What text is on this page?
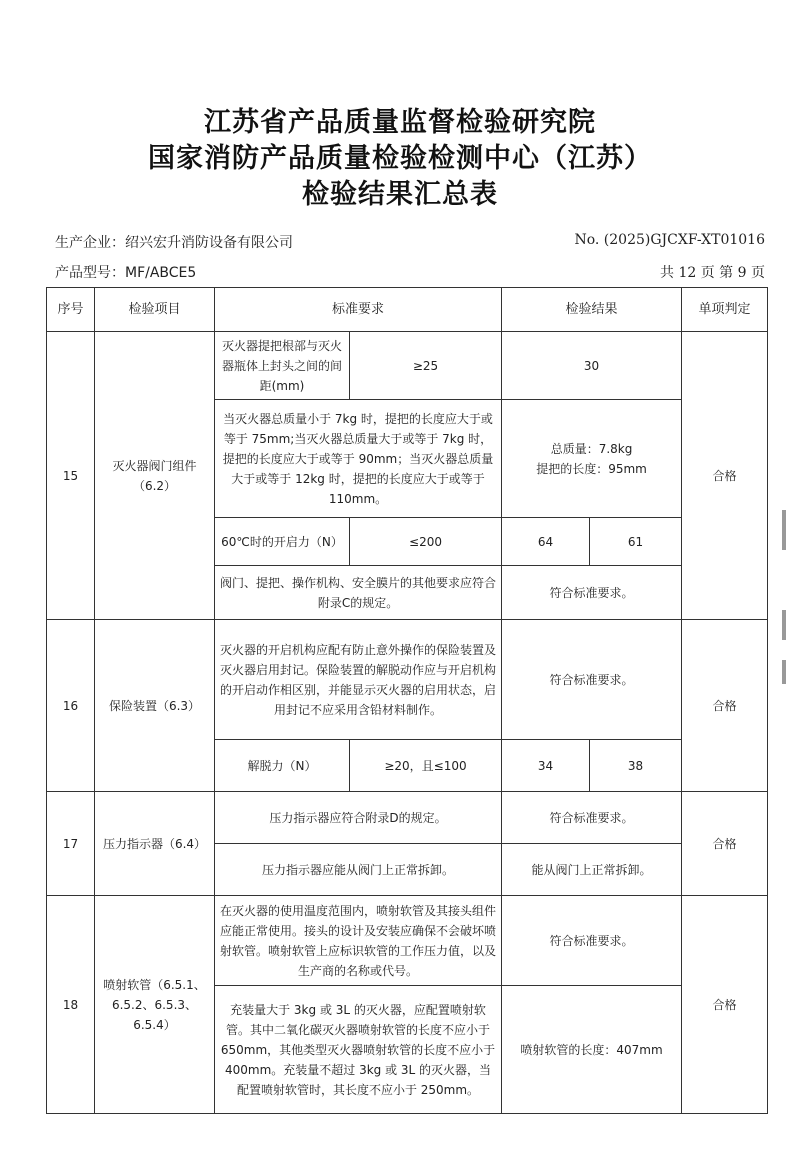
江苏省产品质量监督检验研究院
国家消防产品质量检验检测中心（江苏）
检验结果汇总表
生产企业：绍兴宏升消防设备有限公司	No. (2025)GJCXF-XT01016
产品型号：MF/ABCE5	共 12 页 第 9 页
序号	检验项目	标准要求		检验结果		单项判定
15	灭火器阀门组件（6.2）	灭火器提把根部与灭火器瓶体上封头之间的间距(mm)	≥25	30		合格
		当灭火器总质量小于 7kg 时，提把的长度应大于或等于 75mm;当灭火器总质量大于或等于 7kg 时，提把的长度应大于或等于 90mm；当灭火器总质量大于或等于 12kg 时，提把的长度应大于或等于 110mm。		总质量：7.8kg
提把的长度：95mm		

		60℃时的开启力（N）	≤200	64	61	
		阀门、提把、操作机构、安全膜片的其他要求应符合附录C的规定。		符合标准要求。		
16	保险装置（6.3）	灭火器的开启机构应配有防止意外操作的保险装置及灭火器启用封记。保险装置的解脱动作应与开启机构的开启动作相区别，并能显示灭火器的启用状态，启用封记不应采用含铅材料制作。		符合标准要求。		合格
		解脱力（N）	≥20，且≤100	34	38	
17	压力指示器（6.4）	压力指示器应符合附录D的规定。		符合标准要求。		合格
		压力指示器应能从阀门上正常拆卸。		能从阀门上正常拆卸。		
18	喷射软管（6.5.1、6.5.2、6.5.3、6.5.4）	在灭火器的使用温度范围内，喷射软管及其接头组件应能正常使用。接头的设计及安装应确保不会破坏喷射软管。喷射软管上应标识软管的工作压力值，以及生产商的名称或代号。		符合标准要求。		合格
		充装量大于 3kg 或 3L 的灭火器，应配置喷射软管。其中二氧化碳灭火器喷射软管的长度不应小于 650mm，其他类型灭火器喷射软管的长度不应小于 400mm。充装量不超过 3kg 或 3L 的灭火器，当配置喷射软管时，其长度不应小于 250mm。		喷射软管的长度：407mm		
